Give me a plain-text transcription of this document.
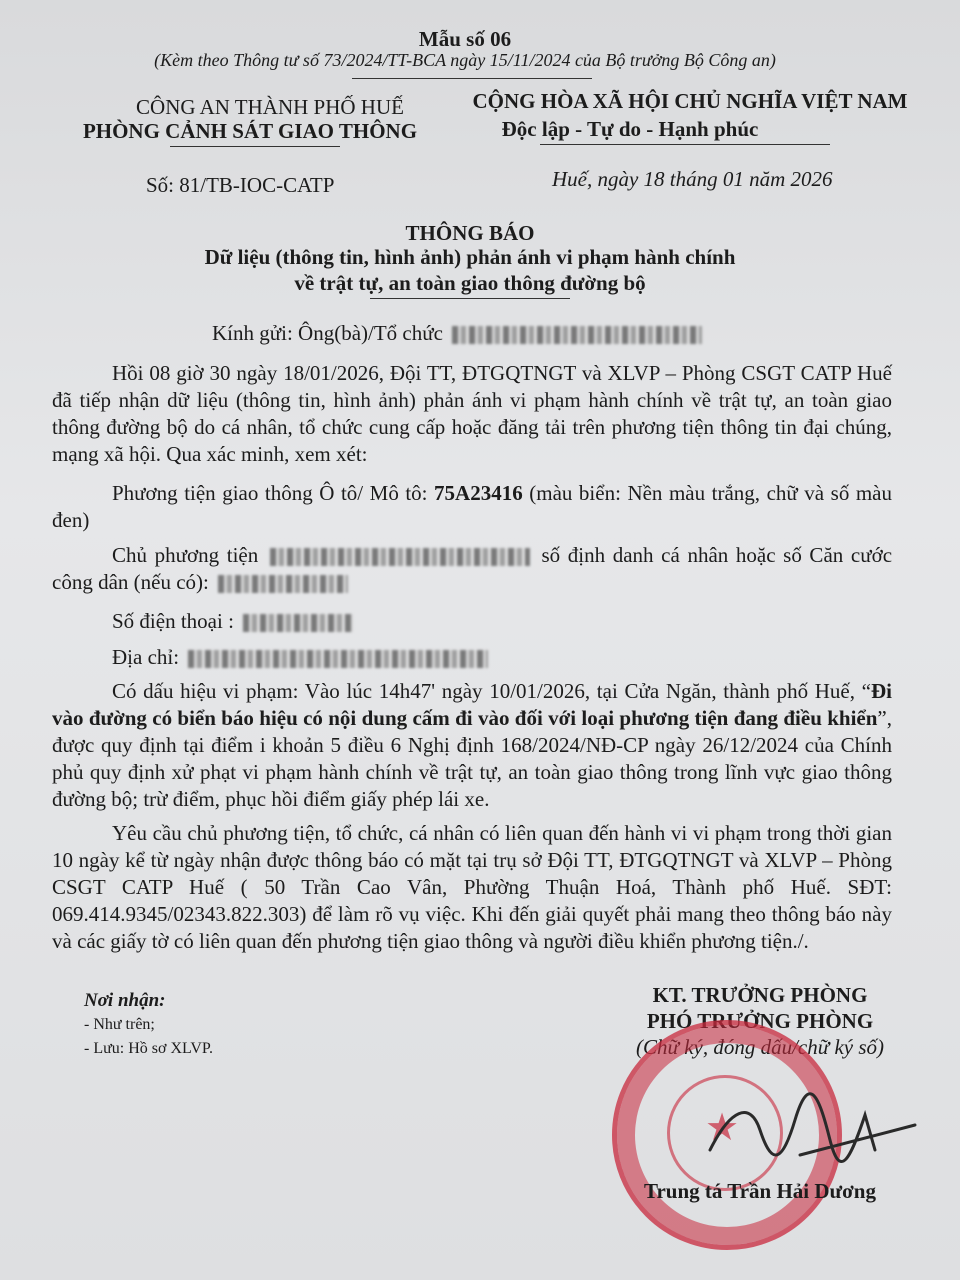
Mẫu số 06
(Kèm theo Thông tư số 73/2024/TT-BCA ngày 15/11/2024 của Bộ trưởng Bộ Công an)
CÔNG AN THÀNH PHỐ HUẾ
PHÒNG CẢNH SÁT GIAO THÔNG
CỘNG HÒA XÃ HỘI CHỦ NGHĨA VIỆT NAM
Độc lập - Tự do - Hạnh phúc
Số: 81/TB-IOC-CATP	Huế, ngày 18 tháng 01 năm 2026
THÔNG BÁO
Dữ liệu (thông tin, hình ảnh) phản ánh vi phạm hành chính
về trật tự, an toàn giao thông đường bộ
Kính gửi: Ông(bà)/Tổ chức
Hồi 08 giờ 30 ngày 18/01/2026, Đội TT, ĐTGQTNGT và XLVP – Phòng CSGT CATP Huế đã tiếp nhận dữ liệu (thông tin, hình ảnh) phản ánh vi phạm hành chính về trật tự, an toàn giao thông đường bộ do cá nhân, tổ chức cung cấp hoặc đăng tải trên phương tiện thông tin đại chúng, mạng xã hội. Qua xác minh, xem xét:
Phương tiện giao thông Ô tô/ Mô tô: 75A23416 (màu biển: Nền màu trắng, chữ và số màu đen)
Chủ phương tiện	số định danh cá nhân hoặc số Căn cước công dân (nếu có):
Số điện thoại :
Địa chỉ:
Có dấu hiệu vi phạm: Vào lúc 14h47' ngày 10/01/2026, tại Cửa Ngăn, thành phố Huế, “Đi vào đường có biển báo hiệu có nội dung cấm đi vào đối với loại phương tiện đang điều khiển”, được quy định tại điểm i khoản 5 điều 6 Nghị định 168/2024/NĐ-CP ngày 26/12/2024 của Chính phủ quy định xử phạt vi phạm hành chính về trật tự, an toàn giao thông trong lĩnh vực giao thông đường bộ; trừ điểm, phục hồi điểm giấy phép lái xe.
Yêu cầu chủ phương tiện, tổ chức, cá nhân có liên quan đến hành vi vi phạm trong thời gian 10 ngày kể từ ngày nhận được thông báo có mặt tại trụ sở Đội TT, ĐTGQTNGT và XLVP – Phòng CSGT CATP Huế ( 50 Trần Cao Vân, Phường Thuận Hoá, Thành phố Huế. SĐT: 069.414.9345/02343.822.303) để làm rõ vụ việc. Khi đến giải quyết phải mang theo thông báo này và các giấy tờ có liên quan đến phương tiện giao thông và người điều khiển phương tiện./.
Nơi nhận:
- Như trên;
- Lưu: Hồ sơ XLVP.
KT. TRƯỞNG PHÒNG
PHÓ TRƯỞNG PHÒNG
(Chữ ký, đóng dấu/chữ ký số)
★
Trung tá Trần Hải Dương
